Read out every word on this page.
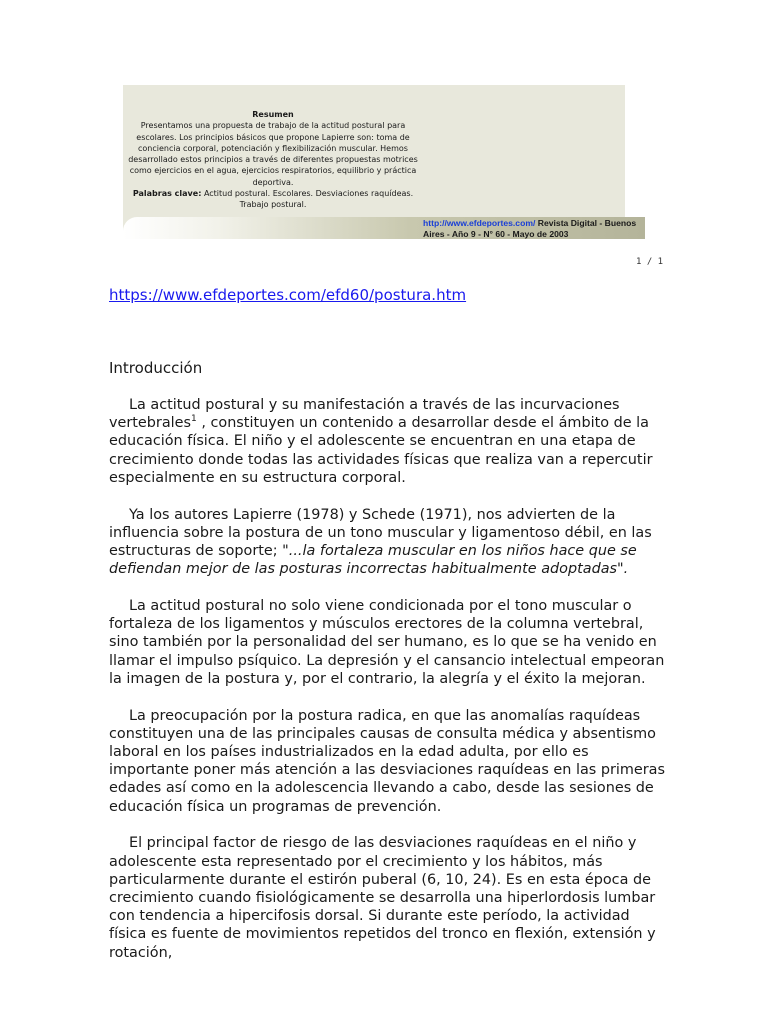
Resumen
Presentamos una propuesta de trabajo de la actitud postural para escolares. Los principios básicos que propone Lapierre son: toma de conciencia corporal, potenciación y flexibilización muscular. Hemos desarrollado estos principios a través de diferentes propuestas motrices como ejercicios en el agua, ejercicios respiratorios, equilibrio y práctica deportiva.
Palabras clave: Actitud postural. Escolares. Desviaciones raquídeas. Trabajo postural.
http://www.efdeportes.com/ Revista Digital - Buenos Aires - Año 9 - N° 60 - Mayo de 2003
1 / 1
https://www.efdeportes.com/efd60/postura.htm
Introducción

La actitud postural y su manifestación a través de las incurvaciones vertebrales$^1$ , constituyen un contenido a desarrollar desde el ámbito de la educación física. El niño y el adolescente se encuentran en una etapa de crecimiento donde todas las actividades físicas que realiza van a repercutir especialmente en su estructura corporal.

Ya los autores Lapierre (1978) y Schede (1971), nos advierten de la influencia sobre la postura de un tono muscular y ligamentoso débil, en las estructuras de soporte; "...la fortaleza muscular en los niños hace que se defiendan mejor de las posturas incorrectas habitualmente adoptadas".

La actitud postural no solo viene condicionada por el tono muscular o fortaleza de los ligamentos y músculos erectores de la columna vertebral, sino también por la personalidad del ser humano, es lo que se ha venido en llamar el impulso psíquico. La depresión y el cansancio intelectual empeoran la imagen de la postura y, por el contrario, la alegría y el éxito la mejoran.

La preocupación por la postura radica, en que las anomalías raquídeas constituyen una de las principales causas de consulta médica y absentismo laboral en los países industrializados en la edad adulta, por ello es importante poner más atención a las desviaciones raquídeas en las primeras edades así como en la adolescencia llevando a cabo, desde las sesiones de educación física un programas de prevención.

El principal factor de riesgo de las desviaciones raquídeas en el niño y adolescente esta representado por el crecimiento y los hábitos, más particularmente durante el estirón puberal (6, 10, 24). Es en esta época de crecimiento cuando fisiológicamente se desarrolla una hiperlordosis lumbar con tendencia a hipercifosis dorsal. Si durante este período, la actividad física es fuente de movimientos repetidos del tronco en flexión, extensión y rotación,
